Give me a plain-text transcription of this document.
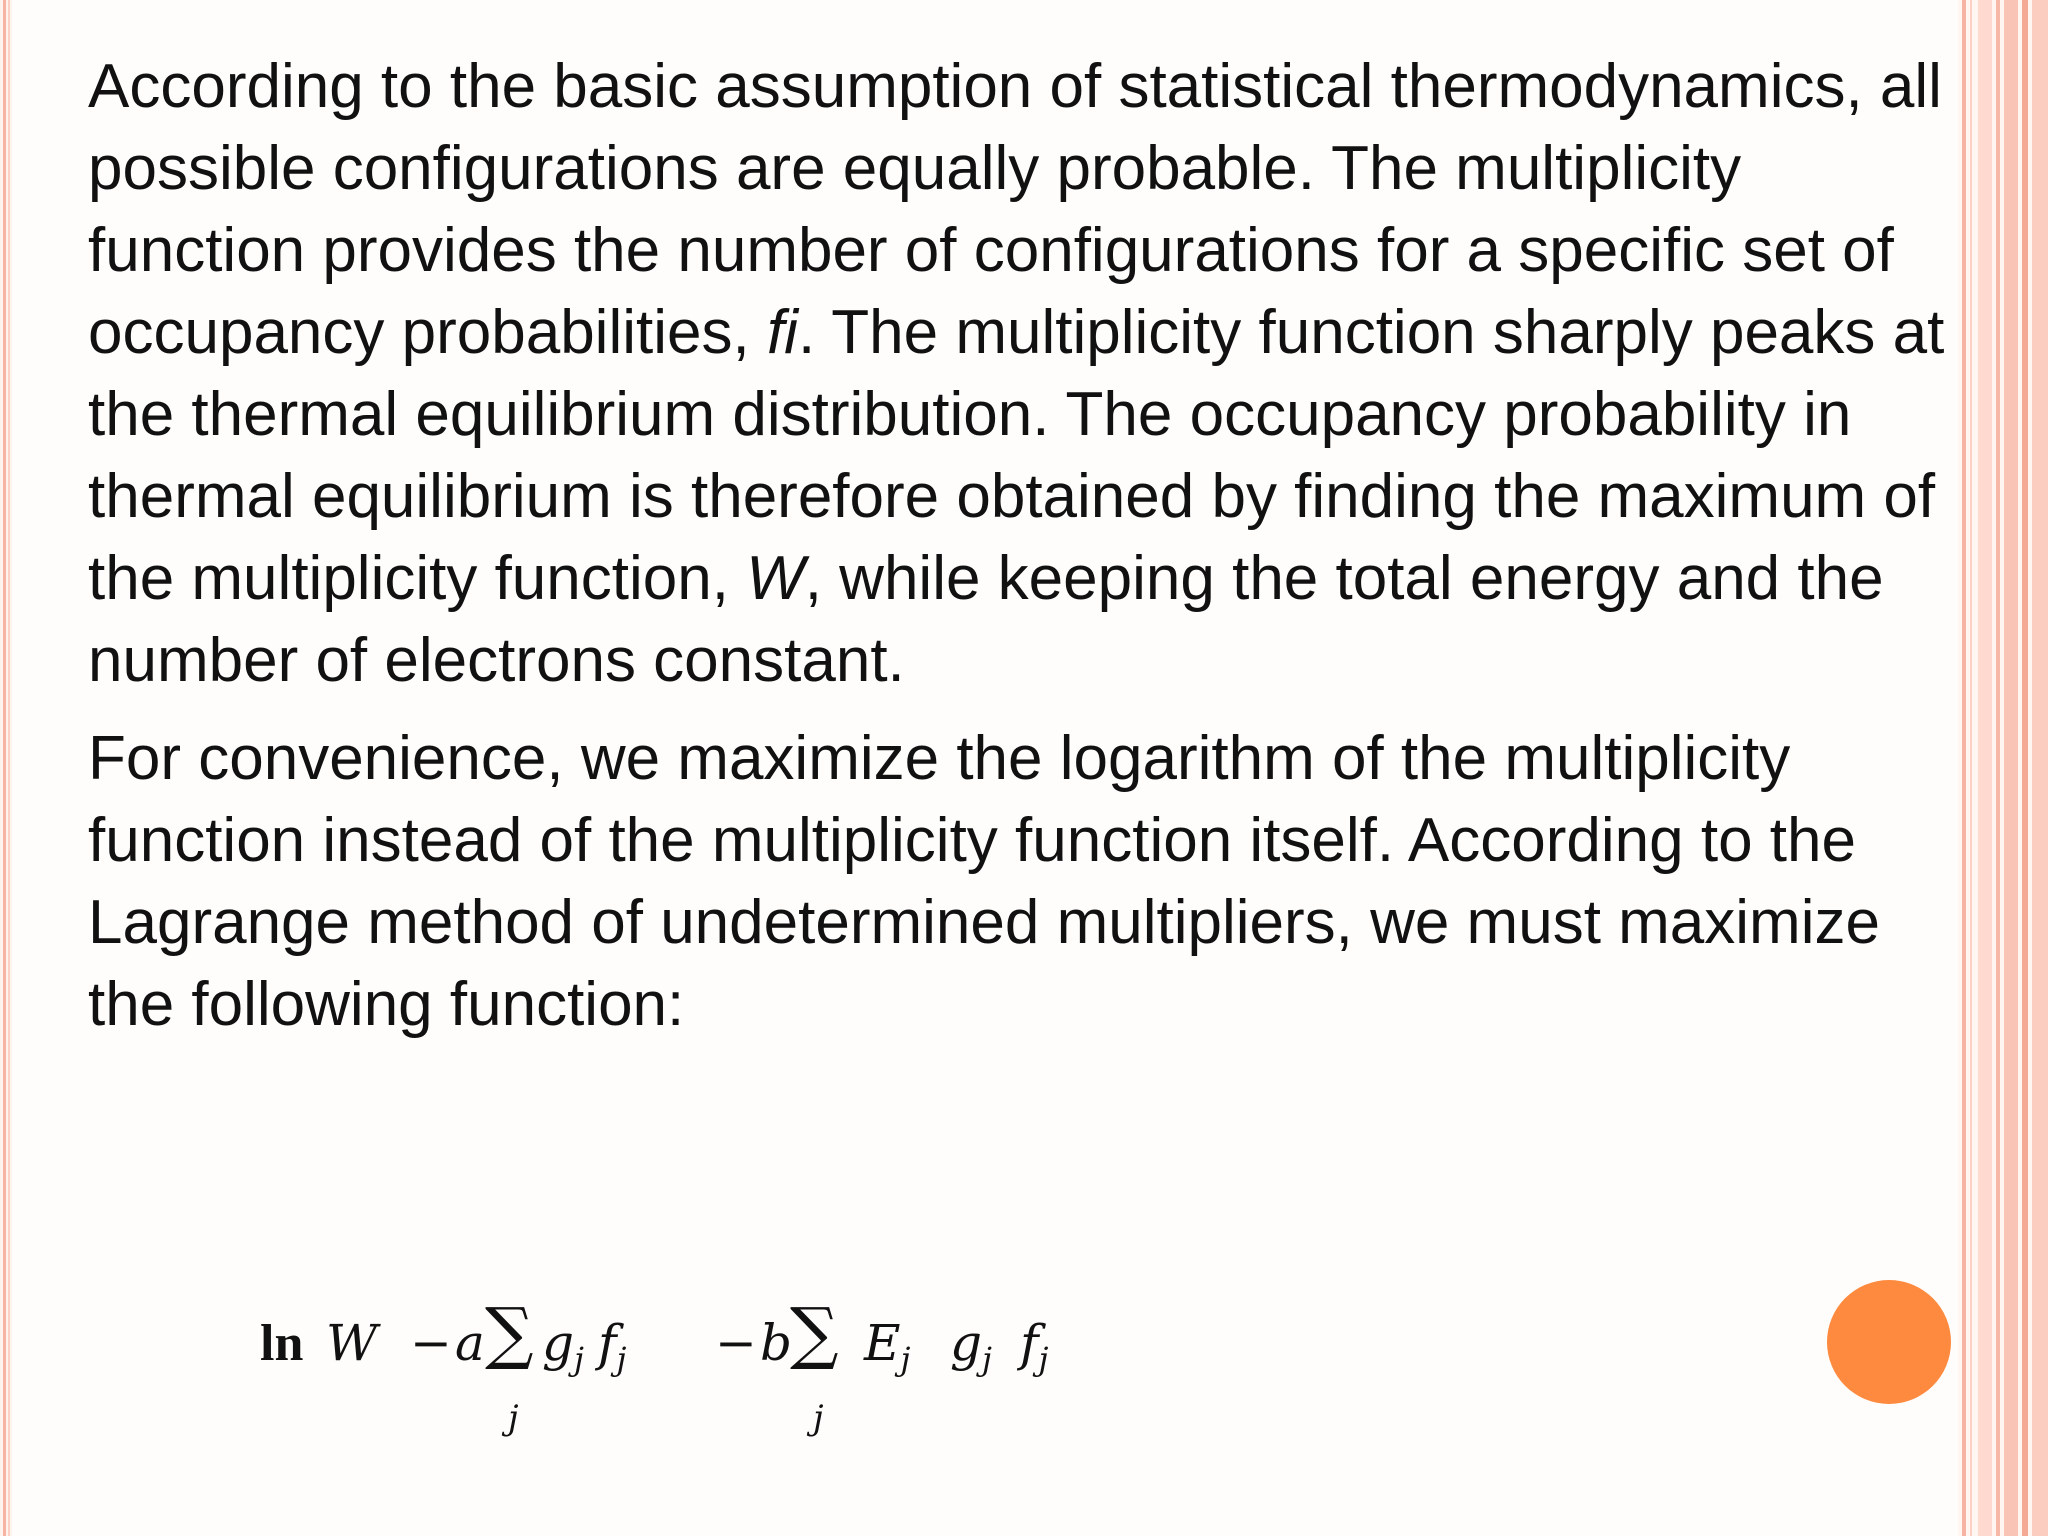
According to the basic assumption of statistical thermodynamics, all possible configurations are equally probable. The multiplicity function provides the number of configurations for a specific set of occupancy probabilities, fi. The multiplicity function sharply peaks at the thermal equilibrium distribution. The occupancy probability in thermal equilibrium is therefore obtained by finding the maximum of the multiplicity function, W, while keeping the total energy and the number of electrons constant.

For convenience, we maximize the logarithm of the multiplicity function instead of the multiplicity function itself. According to the Lagrange method of undetermined multipliers, we must maximize the following function:

ln W − a ∑ $g_j$ $f_j - b$
∑ $E_j$ $g_j$ $f_j$
j	j
